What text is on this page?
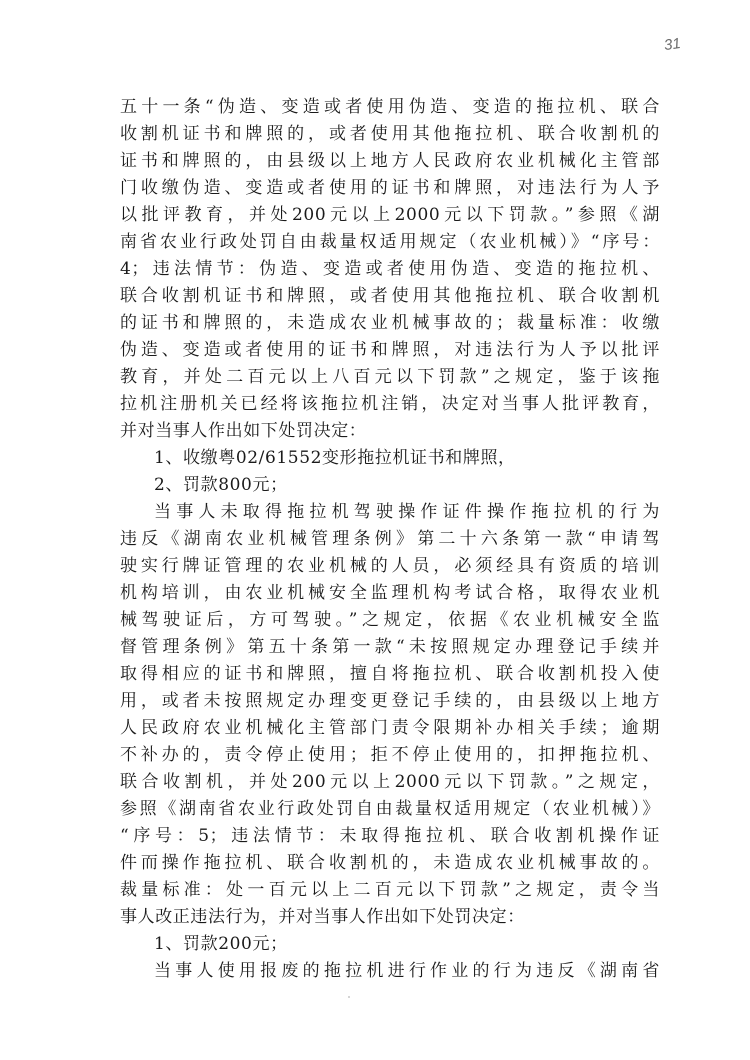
31
五十一条“伪造、变造或者使用伪造、变造的拖拉机、联合
收割机证书和牌照的，或者使用其他拖拉机、联合收割机的
证书和牌照的，由县级以上地方人民政府农业机械化主管部
门收缴伪造、变造或者使用的证书和牌照，对违法行为人予
以批评教育，并处200元以上2000元以下罚款。”参照《湖
南省农业行政处罚自由裁量权适用规定（农业机械）》“序号：
4；违法情节：伪造、变造或者使用伪造、变造的拖拉机、
联合收割机证书和牌照，或者使用其他拖拉机、联合收割机
的证书和牌照的，未造成农业机械事故的；裁量标准：收缴
伪造、变造或者使用的证书和牌照，对违法行为人予以批评
教育，并处二百元以上八百元以下罚款”之规定，鉴于该拖
拉机注册机关已经将该拖拉机注销，决定对当事人批评教育，
并对当事人作出如下处罚决定：
1、收缴粤02/61552变形拖拉机证书和牌照，
2、罚款800元；
当事人未取得拖拉机驾驶操作证件操作拖拉机的行为
违反《湖南农业机械管理条例》第二十六条第一款“申请驾
驶实行牌证管理的农业机械的人员，必须经具有资质的培训
机构培训，由农业机械安全监理机构考试合格，取得农业机
械驾驶证后，方可驾驶。”之规定，依据《农业机械安全监
督管理条例》第五十条第一款“未按照规定办理登记手续并
取得相应的证书和牌照，擅自将拖拉机、联合收割机投入使
用，或者未按照规定办理变更登记手续的，由县级以上地方
人民政府农业机械化主管部门责令限期补办相关手续；逾期
不补办的，责令停止使用；拒不停止使用的，扣押拖拉机、
联合收割机，并处200元以上2000元以下罚款。”之规定，
参照《湖南省农业行政处罚自由裁量权适用规定（农业机械）》
“序号：5；违法情节：未取得拖拉机、联合收割机操作证
件而操作拖拉机、联合收割机的，未造成农业机械事故的。
裁量标准：处一百元以上二百元以下罚款”之规定，责令当
事人改正违法行为，并对当事人作出如下处罚决定：
1、罚款200元；
当事人使用报废的拖拉机进行作业的行为违反《湖南省
